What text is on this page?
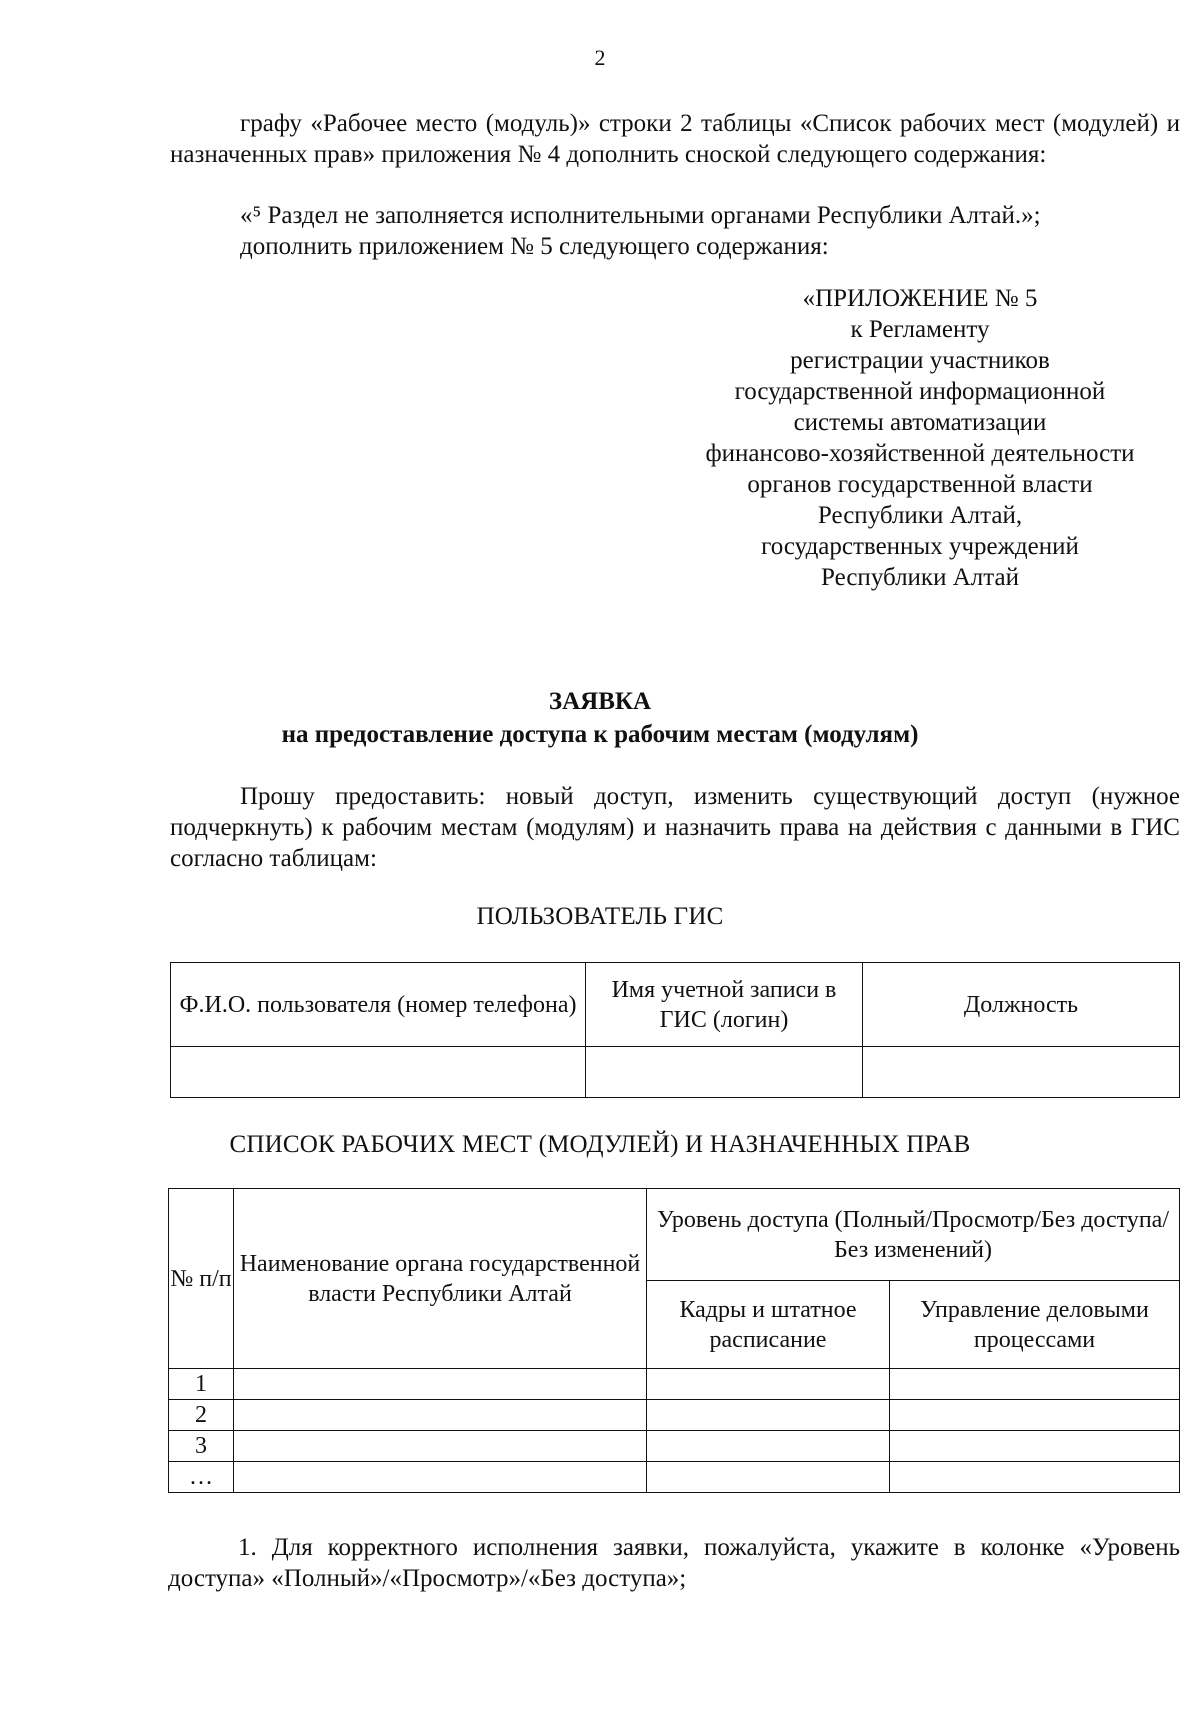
2
графу «Рабочее место (модуль)» строки 2 таблицы «Список рабочих мест (модулей) и назначенных прав» приложения № 4 дополнить сноской следующего содержания:
«⁵ Раздел не заполняется исполнительными органами Республики Алтай.»;
дополнить приложением № 5 следующего содержания:
«ПРИЛОЖЕНИЕ № 5
к Регламенту
регистрации участников
государственной информационной
системы автоматизации
финансово-хозяйственной деятельности
органов государственной власти
Республики Алтай,
государственных учреждений
Республики Алтай
ЗАЯВКА
на предоставление доступа к рабочим местам (модулям)
Прошу предоставить: новый доступ, изменить существующий доступ (нужное подчеркнуть) к рабочим местам (модулям) и назначить права на действия с данными в ГИС согласно таблицам:
ПОЛЬЗОВАТЕЛЬ ГИС
Ф.И.О. пользователя (номер телефона)	Имя учетной записи в ГИС (логин)	Должность

СПИСОК РАБОЧИХ МЕСТ (МОДУЛЕЙ) И НАЗНАЧЕННЫХ ПРАВ
№ п/п	Наименование органа государственной власти Республики Алтай	Уровень доступа (Полный/Просмотр/Без доступа/Без изменений)	
		Кадры и штатное расписание	Управление деловыми процессами
1			
2			
3			
…			
1. Для корректного исполнения заявки, пожалуйста, укажите в колонке «Уровень доступа» «Полный»/«Просмотр»/«Без доступа»;
